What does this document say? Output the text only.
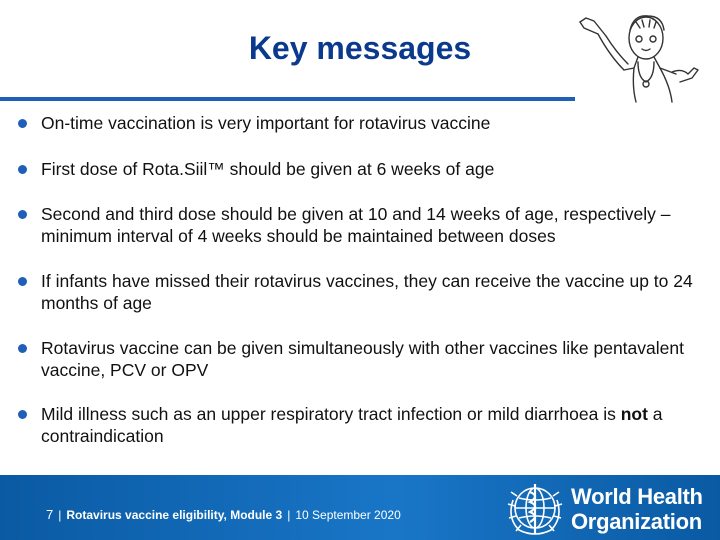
Key messages
On-time vaccination is very important for rotavirus vaccine
First dose of Rota.Siil™ should be given at 6 weeks of age
Second and third dose should be given at 10 and 14 weeks of age, respectively – minimum interval of 4 weeks should be maintained between doses
If infants have missed their rotavirus vaccines, they can receive the vaccine up to 24 months of age
Rotavirus vaccine can be given simultaneously with other vaccines like pentavalent vaccine, PCV or OPV
Mild illness such as an upper respiratory tract infection or mild diarrhoea is not a contraindication
7 | Rotavirus vaccine eligibility, Module 3 | 10 September 2020
World Health
Organization
